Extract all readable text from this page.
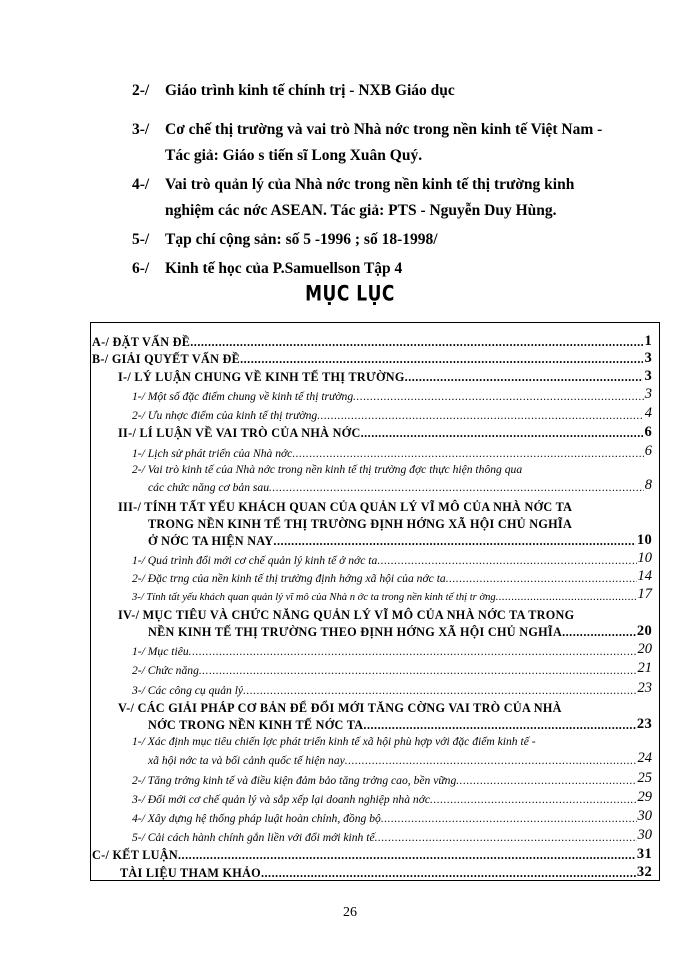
2-/	Giáo trình kinh tế chính trị - NXB Giáo dục
3-/	Cơ chế thị trường và vai trò Nhà nớc trong nền kinh tế Việt Nam -
Tác giả: Giáo s tiến sĩ Long Xuân Quý.
4-/	Vai trò quản lý của Nhà nớc trong nền kinh tế thị trường kinh
nghiệm các nớc ASEAN. Tác giả: PTS - Nguyễn Duy Hùng.
5-/	Tạp chí cộng sản: số 5 -1996 ; số 18-1998/
6-/	Kinh tế học của P.Samuellson Tập 4
MỤC LỤC
A-/ ĐẶT VẤN ĐỀ .....	1
B-/ GIẢI QUYẾT VẤN ĐỀ .....	3
I-/ LÝ LUẬN CHUNG VỀ KINH TẾ THỊ TRƯỜNG .....	3
1-/ Một số đặc điểm chung về kinh tế thị trường .....	3
2-/ Ưu nhợc điểm của kinh tế thị trường .....	4
II-/ LÍ LUẬN VỀ VAI TRÒ CỦA NHÀ NỚC .....	6
1-/ Lịch sử phát triển của Nhà nớc .....	6
2-/ Vai trò kinh tế của Nhà nớc trong nền kinh tế thị trường đợc thực hiện thông qua
các chức năng cơ bản sau .....	8
III-/ TÍNH TẤT YẾU KHÁCH QUAN CỦA QUẢN LÝ VĨ MÔ CỦA NHÀ NỚC TA
TRONG NỀN KINH TẾ THỊ TRƯỜNG ĐỊNH HỚNG XÃ HỘI CHỦ NGHĨA
Ở NỚC TA HIỆN NAY .....	10
1-/ Quá trình đổi mới cơ chế quản lý kinh tế ở nớc ta .....	10
2-/ Đặc trng của nền kinh tế thị trường định hớng xã hội của nớc ta .....	14
3-/ Tính tất yếu khách quan quản lý vĩ mô của Nhà n ớc ta trong nền kinh tế thị tr ờng .....	17
IV-/ MỤC TIÊU VÀ CHỨC NĂNG QUẢN LÝ VĨ MÔ CỦA NHÀ NỚC TA TRONG
NỀN KINH TẾ THỊ TRƯỜNG THEO ĐỊNH HỚNG XÃ HỘI CHỦ NGHĨA .....	20
1-/ Mục tiêu .....	20
2-/ Chức năng .....	21
3-/ Các công cụ quản lý .....	23
V-/ CÁC GIẢI PHÁP CƠ BẢN ĐỂ ĐỔI MỚI TĂNG CỜNG VAI TRÒ CỦA NHÀ
NỚC TRONG NỀN KINH TẾ NỚC TA .....	23
1-/ Xác định mục tiêu chiến lợc phát triển kinh tế xã hội phù hợp với đặc điểm kinh tế -
xã hội nớc ta và bối cảnh quốc tế hiện nay .....	24
2-/ Tăng trởng kinh tế và điều kiện đảm bảo tăng trởng cao, bền vững .....	25
3-/ Đổi mới cơ chế quản lý và sắp xếp lại doanh nghiệp nhà nớc .....	29
4-/ Xây dựng hệ thống pháp luật hoàn chỉnh, đồng bộ .....	30
5-/ Cải cách hành chính gắn liền với đổi mới kinh tế .....	30
C-/ KẾT LUẬN .....	31
TÀI LIỆU THAM KHẢO .....	32
26
